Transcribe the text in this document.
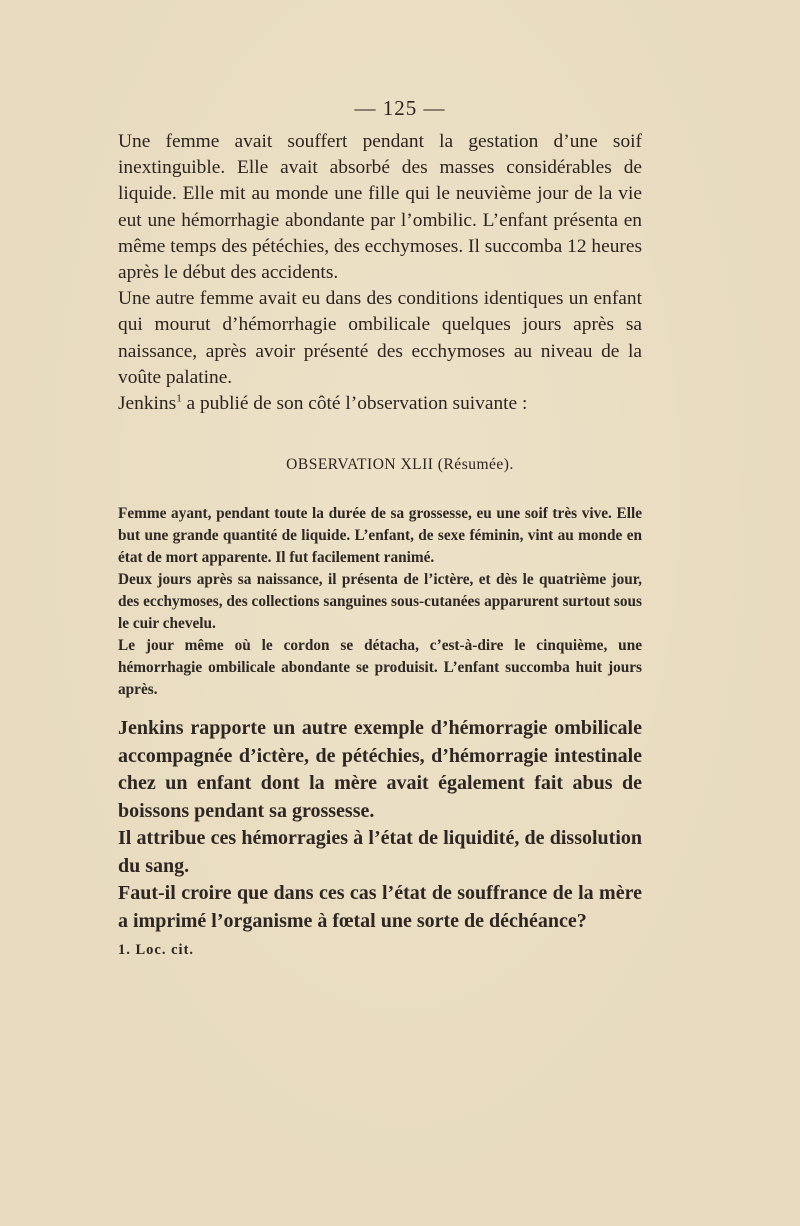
— 125 —

Une femme avait souffert pendant la gestation d’une soif inextinguible. Elle avait absorbé des masses considérables de liquide. Elle mit au monde une fille qui le neuvième jour de la vie eut une hémorrhagie abondante par l’ombilic. L’enfant présenta en même temps des pétéchies, des ecchymoses. Il succomba 12 heures après le début des accidents.

Une autre femme avait eu dans des conditions identiques un enfant qui mourut d’hémorrhagie ombilicale quelques jours après sa naissance, après avoir présenté des ecchymoses au niveau de la voûte palatine.

Jenkins$^1$ a publié de son côté l’observation suivante :

OBSERVATION XLII (Résumée).

Femme ayant, pendant toute la durée de sa grossesse, eu une soif très vive. Elle but une grande quantité de liquide. L’enfant, de sexe féminin, vint au monde en état de mort apparente. Il fut facilement ranimé.

Deux jours après sa naissance, il présenta de l’ictère, et dès le quatrième jour, des ecchymoses, des collections sanguines sous-cutanées apparurent surtout sous le cuir chevelu.

Le jour même où le cordon se détacha, c’est-à-dire le cinquième, une hémorrhagie ombilicale abondante se produisit. L’enfant succomba huit jours après.

Jenkins rapporte un autre exemple d’hémorragie ombilicale accompagnée d’ictère, de pétéchies, d’hémorragie intestinale chez un enfant dont la mère avait également fait abus de boissons pendant sa grossesse.

Il attribue ces hémorragies à l’état de liquidité, de dissolution du sang.

Faut-il croire que dans ces cas l’état de souffrance de la mère a imprimé l’organisme à fœtal une sorte de déchéance?

1. Loc. cit.
